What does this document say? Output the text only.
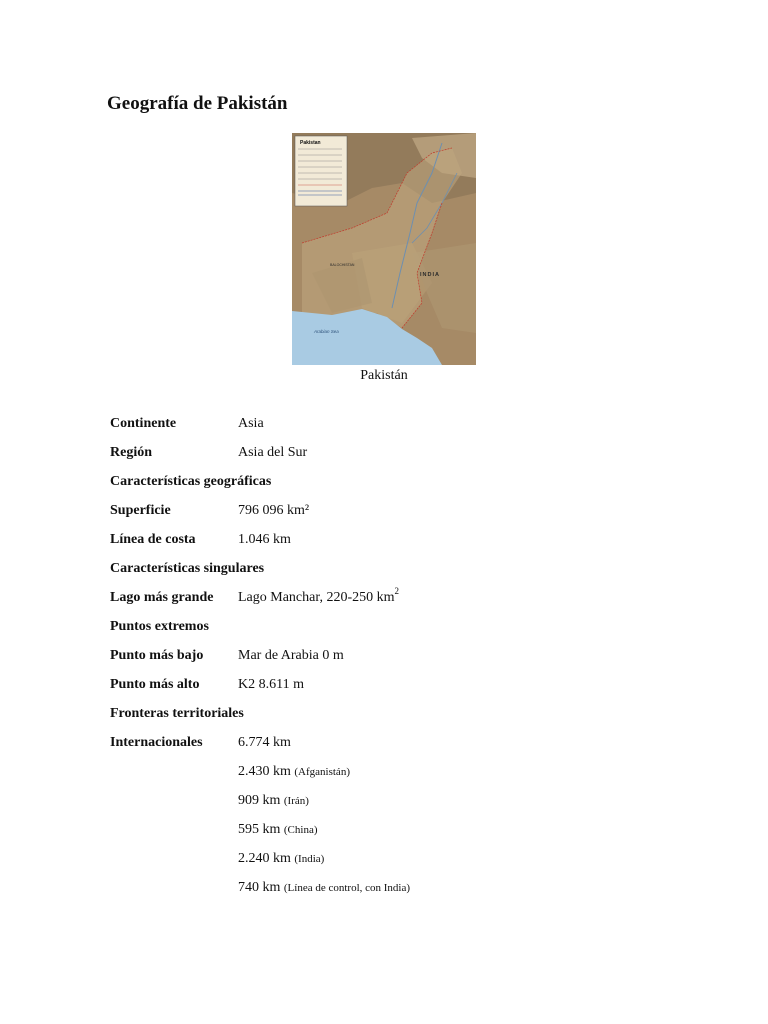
Geografía de Pakistán
Pakistan
INDIA
BALOCHISTAN
Arabian Sea
Pakistán
Continente	Asia
Región	Asia del Sur
Características geográficas
Superficie	796 096 km²
Línea de costa	1.046 km
Características singulares
Lago más grande	Lago Manchar, 220-250 $km^2$
Puntos extremos
Punto más bajo	Mar de Arabia 0 m
Punto más alto	K2 8.611 m
Fronteras territoriales
Internacionales	6.774 km
2.430 km (Afganistán)
909 km (Irán)
595 km (China)
2.240 km (India)
740 km (Línea de control, con India)
